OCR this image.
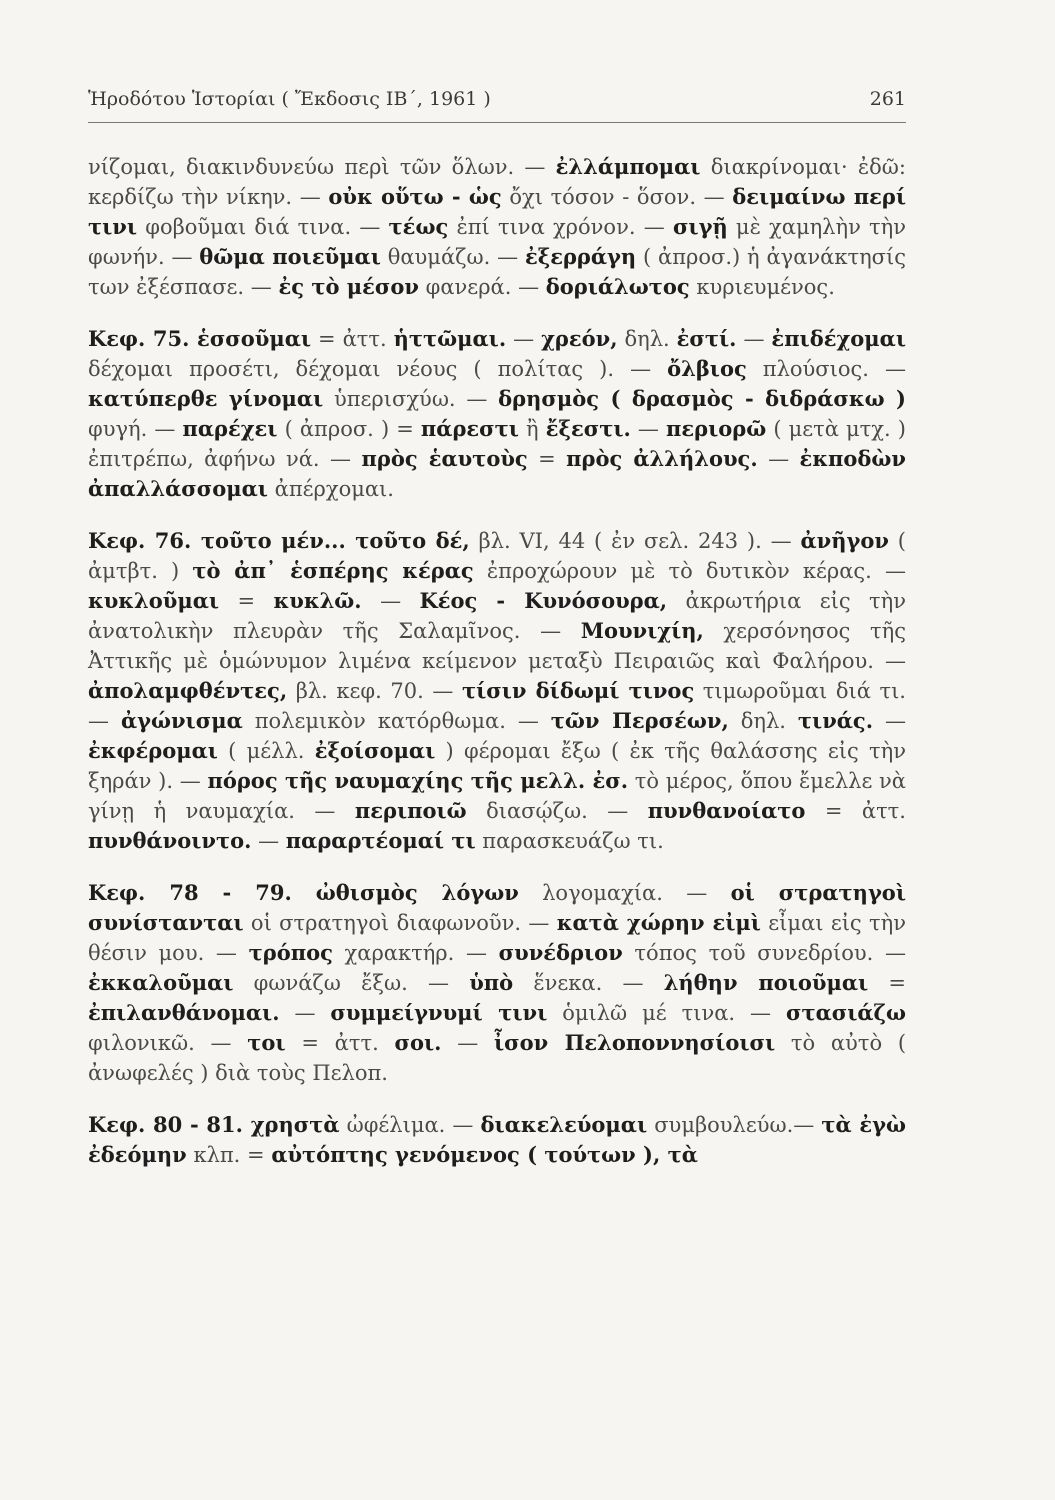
Ἡροδότου Ἱστορίαι ( Ἔκδοσις ΙΒ΄, 1961 )	261

νίζομαι, διακινδυνεύω περὶ τῶν ὅλων. — ἐλλάμπομαι διακρίνομαι· ἐδῶ: κερδίζω τὴν νίκην. — οὐκ οὕτω - ὡς ὄχι τόσον - ὅσον. — δειμαίνω περί τινι φοβοῦμαι διά τινα. — τέως ἐπί τινα χρόνον. — σιγῇ μὲ χαμηλὴν τὴν φωνήν. — θῶμα ποιεῦμαι θαυμάζω. — ἐξερράγη ( ἀπροσ.) ἡ ἀγανάκτησίς των ἐξέσπασε. — ἐς τὸ μέσον φανερά. — δοριάλωτος κυριευμένος.

Κεφ. 75. ἑσσοῦμαι = ἀττ. ἡττῶμαι. — χρεόν, δηλ. ἐστί. — ἐπιδέχομαι δέχομαι προσέτι, δέχομαι νέους ( πολίτας ). — ὄλβιος πλούσιος. — κατύπερθε γίνομαι ὑπερισχύω. — δρησμὸς ( δρασμὸς - διδράσκω ) φυγή. — παρέχει ( ἀπροσ. ) = πάρεστι ἢ ἔξεστι. — περιορῶ ( μετὰ μτχ. ) ἐπιτρέπω, ἀφήνω νά. — πρὸς ἑαυτοὺς = πρὸς ἀλλήλους. — ἐκποδὼν ἀπαλλάσσομαι ἀπέρχομαι.

Κεφ. 76. τοῦτο μέν... τοῦτο δέ, βλ. VI, 44 ( ἐν σελ. 243 ). — ἀνῆγον ( ἀμτβτ. ) τὸ ἀπ᾽ ἑσπέρης κέρας ἐπροχώρουν μὲ τὸ δυτικὸν κέρας. — κυκλοῦμαι = κυκλῶ. — Κέος - Κυνόσουρα, ἀκρωτήρια εἰς τὴν ἀνατολικὴν πλευρὰν τῆς Σαλαμῖνος. — Μουνιχίη, χερσόνησος τῆς Ἀττικῆς μὲ ὁμώνυμον λιμένα κείμενον μεταξὺ Πειραιῶς καὶ Φαλήρου. — ἀπολαμφθέντες, βλ. κεφ. 70. — τίσιν δίδωμί τινος τιμωροῦμαι διά τι. — ἀγώνισμα πολεμικὸν κατόρθωμα. — τῶν Περσέων, δηλ. τινάς. — ἐκφέρομαι ( μέλλ. ἐξοίσομαι ) φέρομαι ἔξω ( ἐκ τῆς θαλάσσης εἰς τὴν ξηράν ). — πόρος τῆς ναυμαχίης τῆς μελλ. ἐσ. τὸ μέρος, ὅπου ἔμελλε νὰ γίνῃ ἡ ναυμαχία. — περιποιῶ διασῴζω. — πυνθανοίατο = ἀττ. πυνθάνοιντο. — παραρτέομαί τι παρασκευάζω τι.

Κεφ. 78 - 79. ὠθισμὸς λόγων λογομαχία. — οἱ στρατηγοὶ συνίστανται οἱ στρατηγοὶ διαφωνοῦν. — κατὰ χώρην εἰμὶ εἶμαι εἰς τὴν θέσιν μου. — τρόπος χαρακτήρ. — συνέδριον τόπος τοῦ συνεδρίου. — ἐκκαλοῦμαι φωνάζω ἔξω. — ὑπὸ ἕνεκα. — λήθην ποιοῦμαι = ἐπιλανθάνομαι. — συμμείγνυμί τινι ὁμιλῶ μέ τινα. — στασιάζω φιλονικῶ. — τοι = ἀττ. σοι. — ἶσον Πελοποννησίοισι τὸ αὐτὸ ( ἀνωφελές ) διὰ τοὺς Πελοπ.

Κεφ. 80 - 81. χρηστὰ ὠφέλιμα. — διακελεύομαι συμβουλεύω.— τὰ ἐγὼ ἐδεόμην κλπ. = αὐτόπτης γενόμενος ( τούτων ), τὰ
